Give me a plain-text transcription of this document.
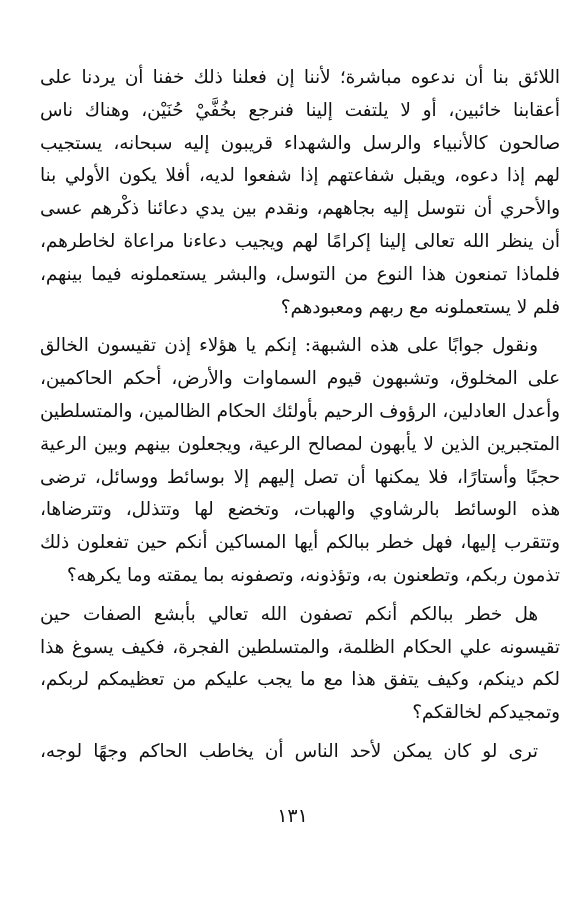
اللائق بنا أن ندعوه مباشرة؛ لأننا إن فعلنا ذلك خفنا أن يردنا على
أعقابنا خائبين، أو لا يلتفت إلينا فنرجع بخُفَّيْ حُنَيْن، وهناك ناس
صالحون كالأنبياء والرسل والشهداء قريبون إليه سبحانه، يستجيب
لهم إذا دعوه، ويقبل شفاعتهم إذا شفعوا لديه، أفلا يكون الأولي بنا
والأحري أن نتوسل إليه بجاههم، ونقدم بين يدي دعائنا ذكْرهم عسى
أن ينظر الله تعالى إلينا إكرامًا لهم ويجيب دعاءنا مراعاة لخاطرهم،
فلماذا تمنعون هذا النوع من التوسل، والبشر يستعملونه فيما بينهم،
فلم لا يستعملونه مع ربهم ومعبودهم؟
ونقول جوابًا على هذه الشبهة: إنكم يا هؤلاء إذن تقيسون الخالق
على المخلوق، وتشبهون قيوم السماوات والأرض، أحكم الحاكمين،
وأعدل العادلين، الرؤوف الرحيم بأولئك الحكام الظالمين، والمتسلطين
المتجبرين الذين لا يأبهون لمصالح الرعية، ويجعلون بينهم وبين الرعية
حجبًا وأستارًا، فلا يمكنها أن تصل إليهم إلا بوسائط ووسائل، ترضى
هذه الوسائط بالرشاوي والهبات، وتخضع لها وتتذلل، وتترضاها،
وتتقرب إليها، فهل خطر ببالكم أيها المساكين أنكم حين تفعلون ذلك
تذمون ربكم، وتطعنون به، وتؤذونه، وتصفونه بما يمقته وما يكرهه؟
هل خطر ببالكم أنكم تصفون الله تعالي بأبشع الصفات حين
تقيسونه علي الحكام الظلمة، والمتسلطين الفجرة، فكيف يسوغ هذا
لكم دينكم، وكيف يتفق هذا مع ما يجب عليكم من تعظيمكم لربكم،
وتمجيدكم لخالقكم؟
ترى لو كان يمكن لأحد الناس أن يخاطب الحاكم وجهًا لوجه،
١٣١
